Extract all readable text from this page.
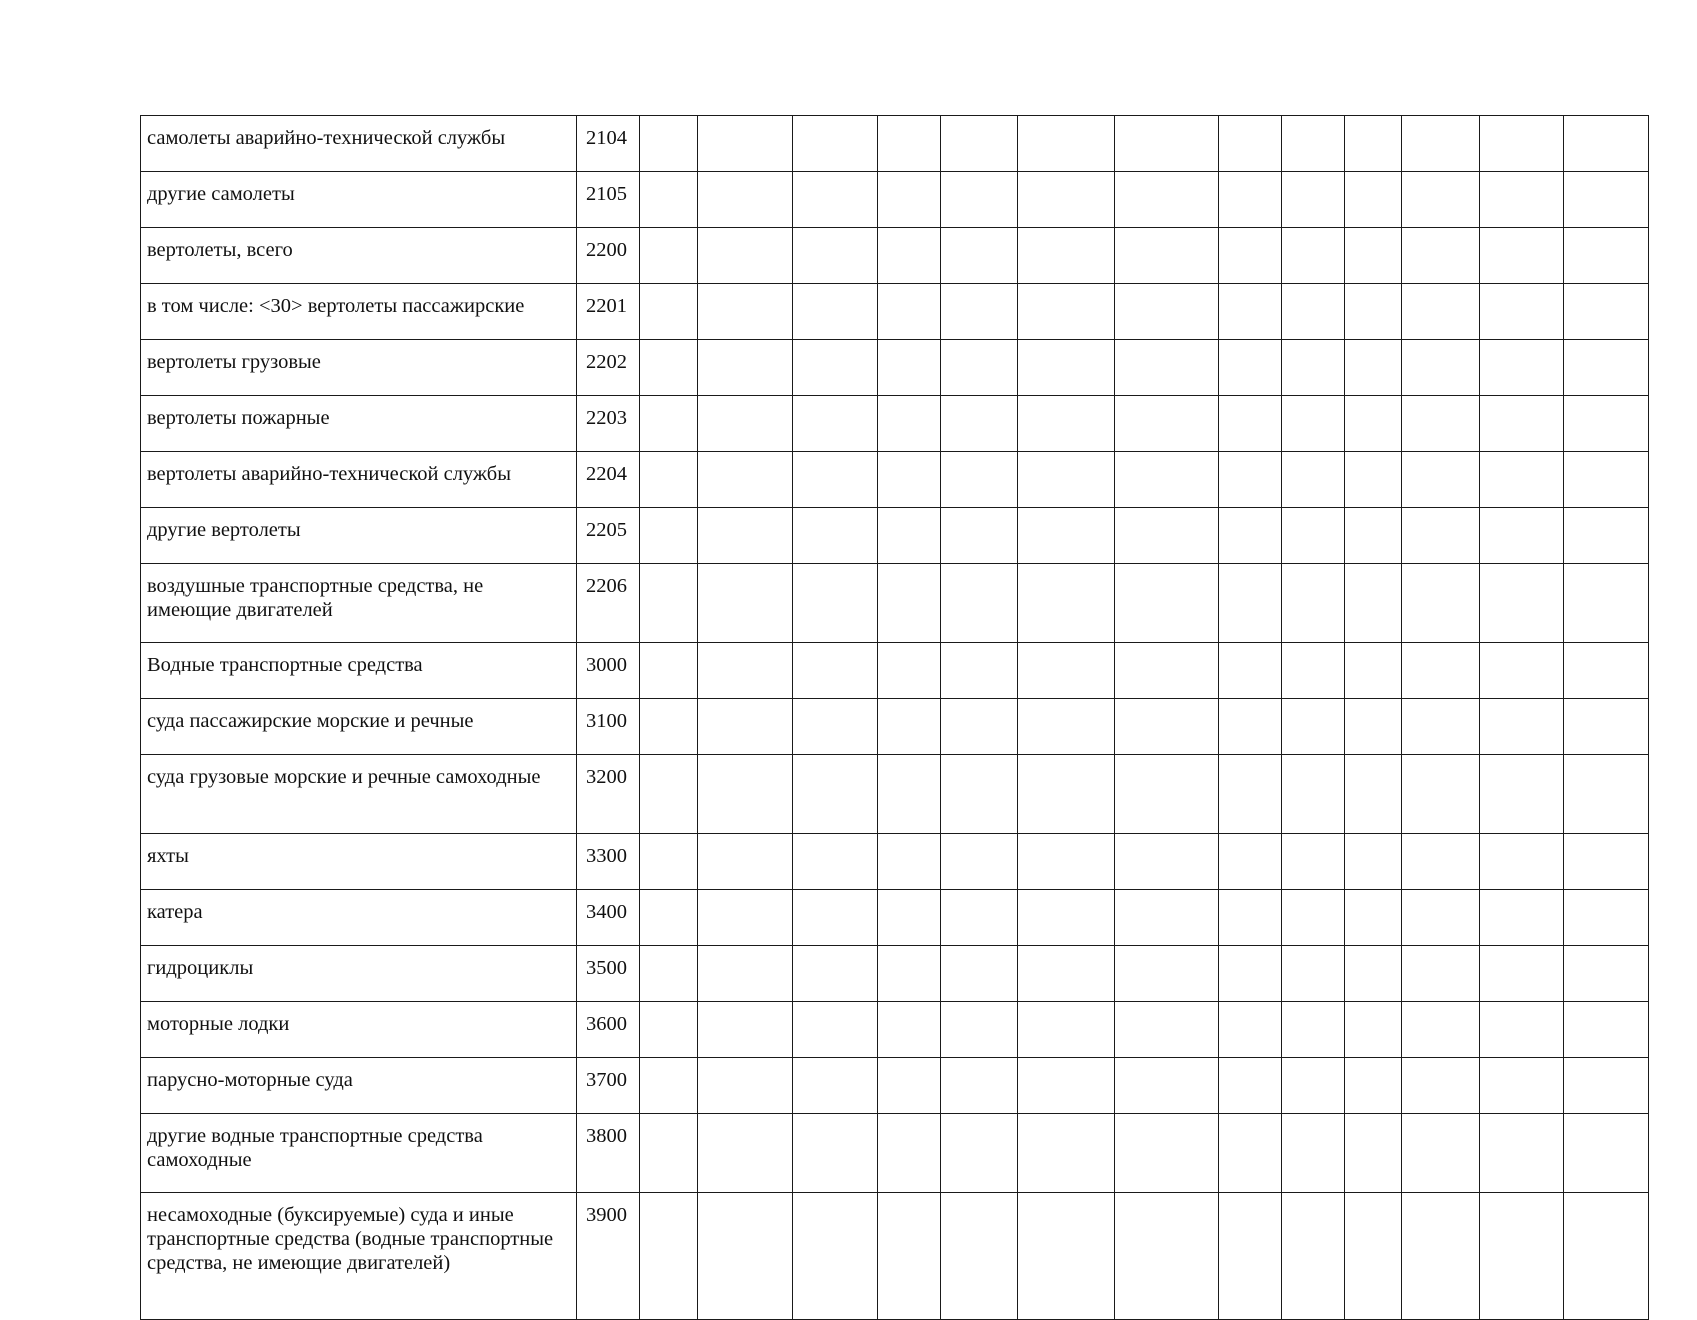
самолеты аварийно-технической службы	2104													
другие самолеты	2105													
вертолеты, всего	2200													
в том числе: <30> вертолеты пассажирские	2201													
вертолеты грузовые	2202													
вертолеты пожарные	2203													
вертолеты аварийно-технической службы	2204													
другие вертолеты	2205													
воздушные транспортные средства, не имеющие двигателей	2206													
Водные транспортные средства	3000													
суда пассажирские морские и речные	3100													
суда грузовые морские и речные самоходные	3200													
яхты	3300													
катера	3400													
гидроциклы	3500													
моторные лодки	3600													
парусно-моторные суда	3700													
другие водные транспортные средства самоходные	3800													
несамоходные (буксируемые) суда и иные транспортные средства (водные транспортные средства, не имеющие двигателей)	3900													
